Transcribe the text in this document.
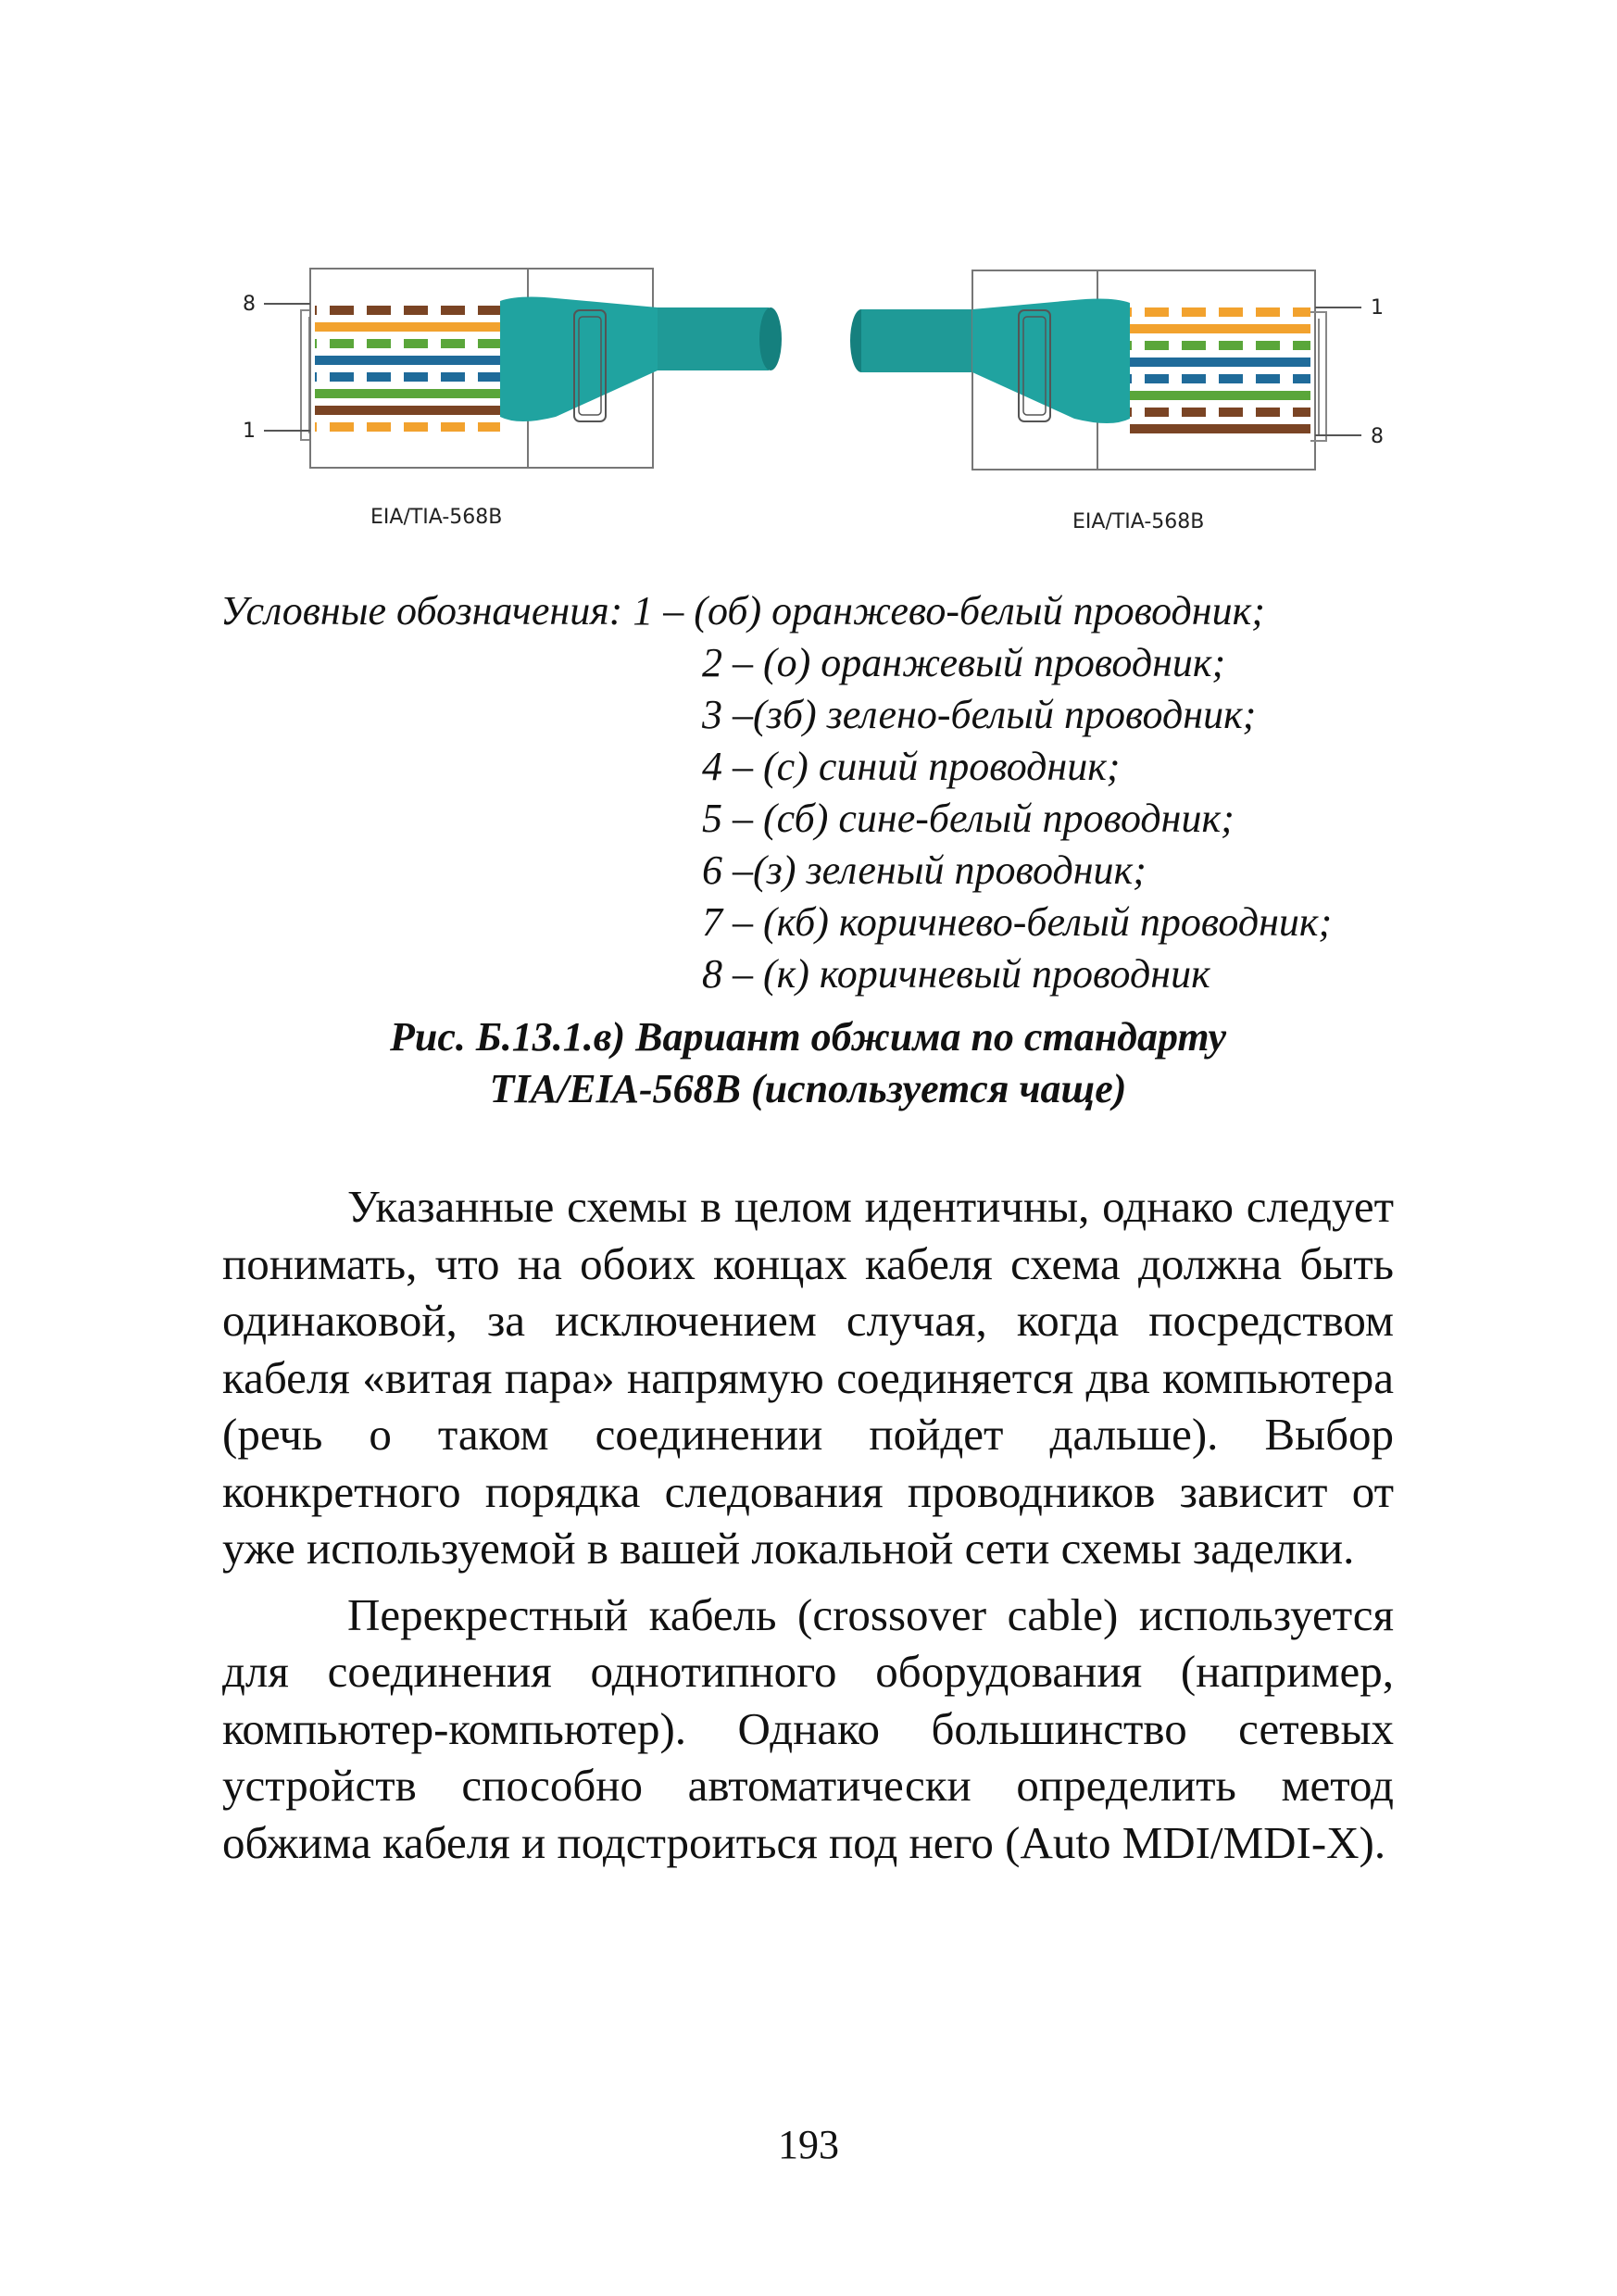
8
1
EIA/TIA-568B
1
8
EIA/TIA-568B
Условные обозначения: 1 – (об) оранжево-белый проводник;
2 – (о) оранжевый проводник;
3 –(зб) зелено-белый проводник;
4 – (с) синий проводник;
5 – (сб) сине-белый проводник;
6 –(з) зеленый проводник;
7 – (кб) коричнево-белый проводник;
8 – (к) коричневый проводник
Рис. Б.13.1.в) Вариант обжима по стандарту
TIA/EIA-568B (используется чаще)

Указанные схемы в целом идентичны, однако следует понимать, что на обоих концах кабеля схема должна быть одинаковой, за исключением случая, когда посредством кабеля «витая пара» напрямую соединяется два компьютера (речь о таком соединении пойдет дальше). Выбор конкретного порядка следования проводников зависит от уже используемой в вашей локальной сети схемы заделки.

Перекрестный кабель (crossover cable) используется для соединения однотипного оборудования (например, компьютер-компьютер). Однако большинство сетевых устройств способно автоматически определить метод обжима кабеля и подстроиться под него (Auto MDI/MDI-X).

193
